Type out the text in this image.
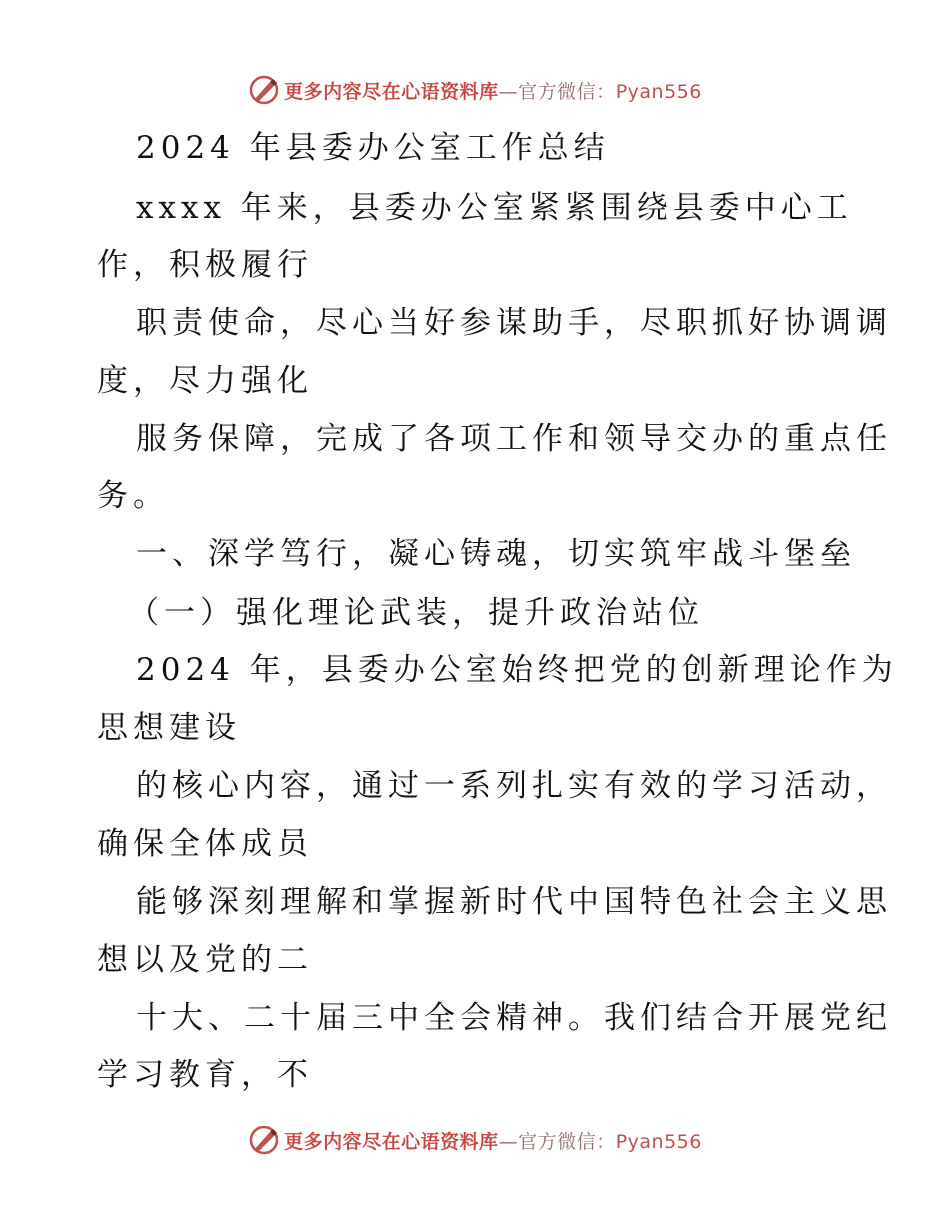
更多内容尽在心语资料库—官方微信：Pyan556
2024 年县委办公室工作总结
xxxx 年来，县委办公室紧紧围绕县委中心工
作，积极履行
职责使命，尽心当好参谋助手，尽职抓好协调调
度，尽力强化
服务保障，完成了各项工作和领导交办的重点任
务。
一、深学笃行，凝心铸魂，切实筑牢战斗堡垒
（一）强化理论武装，提升政治站位
2024 年，县委办公室始终把党的创新理论作为
思想建设
的核心内容，通过一系列扎实有效的学习活动，
确保全体成员
能够深刻理解和掌握新时代中国特色社会主义思
想以及党的二
十大、二十届三中全会精神。我们结合开展党纪
学习教育，不
更多内容尽在心语资料库—官方微信：Pyan556
